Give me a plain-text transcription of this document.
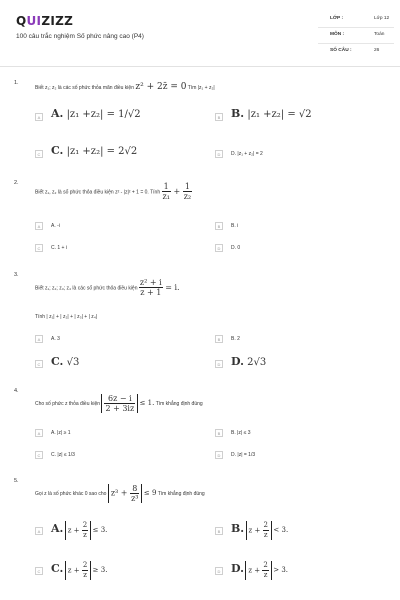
QUIZIZZ
100 câu trắc nghiệm Số phức nâng cao (P4)
LỚP :	Lớp 12
MÔN :	Toán
SỐ CÂU :	26
1.
Biết z₁; z₂ là các số phức thỏa mãn điều kiện z² + 2z̄ = 0 Tìm |z₁ + z₂|
A A. |z₁ +z₂| = 1/√2	B B. |z₁ +z₂| = √2
C C. |z₁ +z₂| = 2√2	D	D. |z₁ + z₂| = 2
2.
Biết z₁, z₂ là số phức thỏa điều kiện z² - |z|² + 1 = 0. Tính $\frac{1}{\text{z₁}} + \frac{1}{\text{z₂}}$
A	A. -i	B	B. i
C	C. 1 + i	D	D. 0
3.
Biết z₁; z₂; z₃; z₄ là các số phức thỏa điều kiện $\frac{\text{z² + i}}{z + 1} = i$.
Tính | z₁| + | z₂| + | z₃| + | z₄|
A	A. 3	B	B. 2
C C. √3	D D. 2√3
4.
Cho số phức z thỏa điều kiện $\frac{6z - i}{2 + 3iz} \le 1$. Tìm khẳng định đúng
A	A. |z| ≥ 1	B	B. |z| ≤ 3
C	C. |z| ≤ 1/3	D	D. |z| = 1/3
5.
Gọi z là số phức khác 0 sao cho $z^3 + \frac{8}{\text{z³}} \le 9$ Tìm khẳng định đúng
A A. $z + \frac{2}{z} \le 3$.	B B. $z + \frac{2}{z} < 3$.
C C. $z + \frac{2}{z} \ge 3$.	D D. $z + \frac{2}{z} > 3$.
